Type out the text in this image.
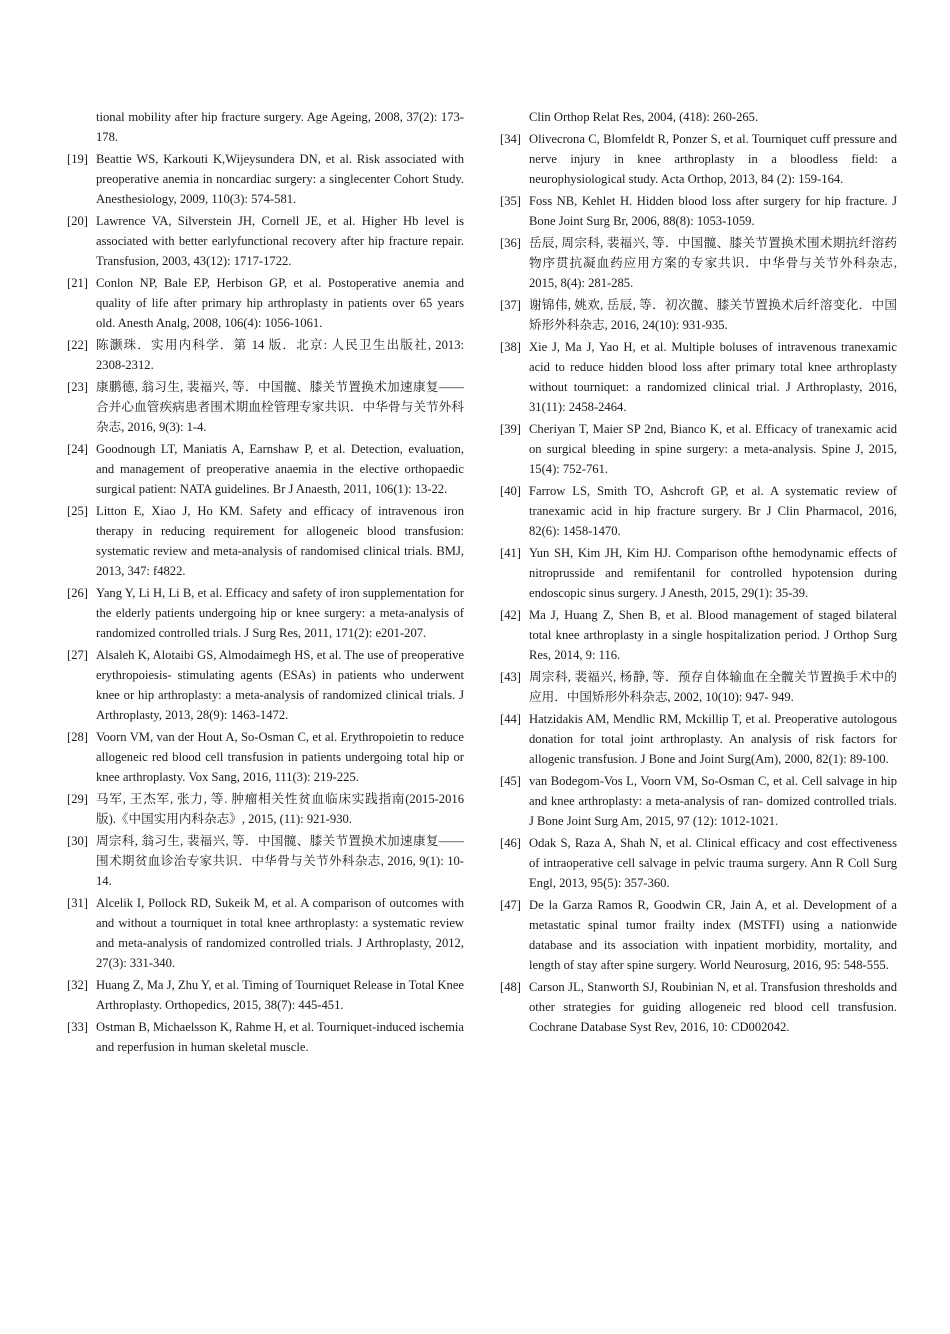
tional mobility after hip fracture surgery. Age Ageing, 2008, 37(2): 173-178.
[19] Beattie WS, Karkouti K,Wijeysundera DN, et al. Risk associated with preoperative anemia in noncardiac surgery: a singlecenter Cohort Study. Anesthesiology, 2009, 110(3): 574-581.
[20] Lawrence VA, Silverstein JH, Cornell JE, et al. Higher Hb level is associated with better earlyfunctional recovery after hip fracture repair. Transfusion, 2003, 43(12): 1717-1722.
[21] Conlon NP, Bale EP, Herbison GP, et al. Postoperative anemia and quality of life after primary hip arthroplasty in patients over 65 years old. Anesth Analg, 2008, 106(4): 1056-1061.
[22] 陈灏珠．实用内科学．第 14 版．北京: 人民卫生出版社, 2013: 2308-2312.
[23] 康鹏德, 翁习生, 裴福兴, 等．中国髋、膝关节置换术加速康复——合并心血管疾病患者围术期血栓管理专家共识．中华骨与关节外科杂志, 2016, 9(3): 1-4.
[24] Goodnough LT, Maniatis A, Earnshaw P, et al. Detection, evaluation, and management of preoperative anaemia in the elective orthopaedic surgical patient: NATA guidelines. Br J Anaesth, 2011, 106(1): 13-22.
[25] Litton E, Xiao J, Ho KM. Safety and efficacy of intravenous iron therapy in reducing requirement for allogeneic blood transfusion: systematic review and meta-analysis of randomised clinical trials. BMJ, 2013, 347: f4822.
[26] Yang Y, Li H, Li B, et al. Efficacy and safety of iron supplementation for the elderly patients undergoing hip or knee surgery: a meta-analysis of randomized controlled trials. J Surg Res, 2011, 171(2): e201-207.
[27] Alsaleh K, Alotaibi GS, Almodaimegh HS, et al. The use of preoperative erythropoiesis- stimulating agents (ESAs) in patients who underwent knee or hip arthroplasty: a meta-analysis of randomized clinical trials. J Arthroplasty, 2013, 28(9): 1463-1472.
[28] Voorn VM, van der Hout A, So-Osman C, et al. Erythropoietin to reduce allogeneic red blood cell transfusion in patients undergoing total hip or knee arthroplasty. Vox Sang, 2016, 111(3): 219-225.
[29] 马军, 王杰军, 张力, 等. 肿瘤相关性贫血临床实践指南(2015-2016版).《中国实用内科杂志》, 2015, (11): 921-930.
[30] 周宗科, 翁习生, 裴福兴, 等．中国髋、膝关节置换术加速康复——围术期贫血诊治专家共识．中华骨与关节外科杂志, 2016, 9(1): 10-14.
[31] Alcelik I, Pollock RD, Sukeik M, et al. A comparison of outcomes with and without a tourniquet in total knee arthroplasty: a systematic review and meta-analysis of randomized controlled trials. J Arthroplasty, 2012, 27(3): 331-340.
[32] Huang Z, Ma J, Zhu Y, et al. Timing of Tourniquet Release in Total Knee Arthroplasty. Orthopedics, 2015, 38(7): 445-451.
[33] Ostman B, Michaelsson K, Rahme H, et al. Tourniquet-induced ischemia and reperfusion in human skeletal muscle.
Clin Orthop Relat Res, 2004, (418): 260-265.
[34] Olivecrona C, Blomfeldt R, Ponzer S, et al. Tourniquet cuff pressure and nerve injury in knee arthroplasty in a bloodless field: a neurophysiological study. Acta Orthop, 2013, 84 (2): 159-164.
[35] Foss NB, Kehlet H. Hidden blood loss after surgery for hip fracture. J Bone Joint Surg Br, 2006, 88(8): 1053-1059.
[36] 岳辰, 周宗科, 裴福兴, 等．中国髋、膝关节置换术围术期抗纤溶药物序贯抗凝血药应用方案的专家共识．中华骨与关节外科杂志, 2015, 8(4): 281-285.
[37] 谢锦伟, 姚欢, 岳辰, 等．初次髋、膝关节置换术后纤溶变化．中国矫形外科杂志, 2016, 24(10): 931-935.
[38] Xie J, Ma J, Yao H, et al. Multiple boluses of intravenous tranexamic acid to reduce hidden blood loss after primary total knee arthroplasty without tourniquet: a randomized clinical trial. J Arthroplasty, 2016, 31(11): 2458-2464.
[39] Cheriyan T, Maier SP 2nd, Bianco K, et al. Efficacy of tranexamic acid on surgical bleeding in spine surgery: a meta-analysis. Spine J, 2015, 15(4): 752-761.
[40] Farrow LS, Smith TO, Ashcroft GP, et al. A systematic review of tranexamic acid in hip fracture surgery. Br J Clin Pharmacol, 2016, 82(6): 1458-1470.
[41] Yun SH, Kim JH, Kim HJ. Comparison ofthe hemodynamic effects of nitroprusside and remifentanil for controlled hypotension during endoscopic sinus surgery. J Anesth, 2015, 29(1): 35-39.
[42] Ma J, Huang Z, Shen B, et al. Blood management of staged bilateral total knee arthroplasty in a single hospitalization period. J Orthop Surg Res, 2014, 9: 116.
[43] 周宗科, 裴福兴, 杨静, 等．预存自体输血在全髋关节置换手术中的应用．中国矫形外科杂志, 2002, 10(10): 947- 949.
[44] Hatzidakis AM, Mendlic RM, Mckillip T, et al. Preoperative autologous donation for total joint arthroplasty. An analysis of risk factors for allogenic transfusion. J Bone and Joint Surg(Am), 2000, 82(1): 89-100.
[45] van Bodegom-Vos L, Voorn VM, So-Osman C, et al. Cell salvage in hip and knee arthroplasty: a meta-analysis of ran- domized controlled trials. J Bone Joint Surg Am, 2015, 97 (12): 1012-1021.
[46] Odak S, Raza A, Shah N, et al. Clinical efficacy and cost effectiveness of intraoperative cell salvage in pelvic trauma surgery. Ann R Coll Surg Engl, 2013, 95(5): 357-360.
[47] De la Garza Ramos R, Goodwin CR, Jain A, et al. Development of a metastatic spinal tumor frailty index (MSTFI) using a nationwide database and its association with inpatient morbidity, mortality, and length of stay after spine surgery. World Neurosurg, 2016, 95: 548-555.
[48] Carson JL, Stanworth SJ, Roubinian N, et al. Transfusion thresholds and other strategies for guiding allogeneic red blood cell transfusion. Cochrane Database Syst Rev, 2016, 10: CD002042.
